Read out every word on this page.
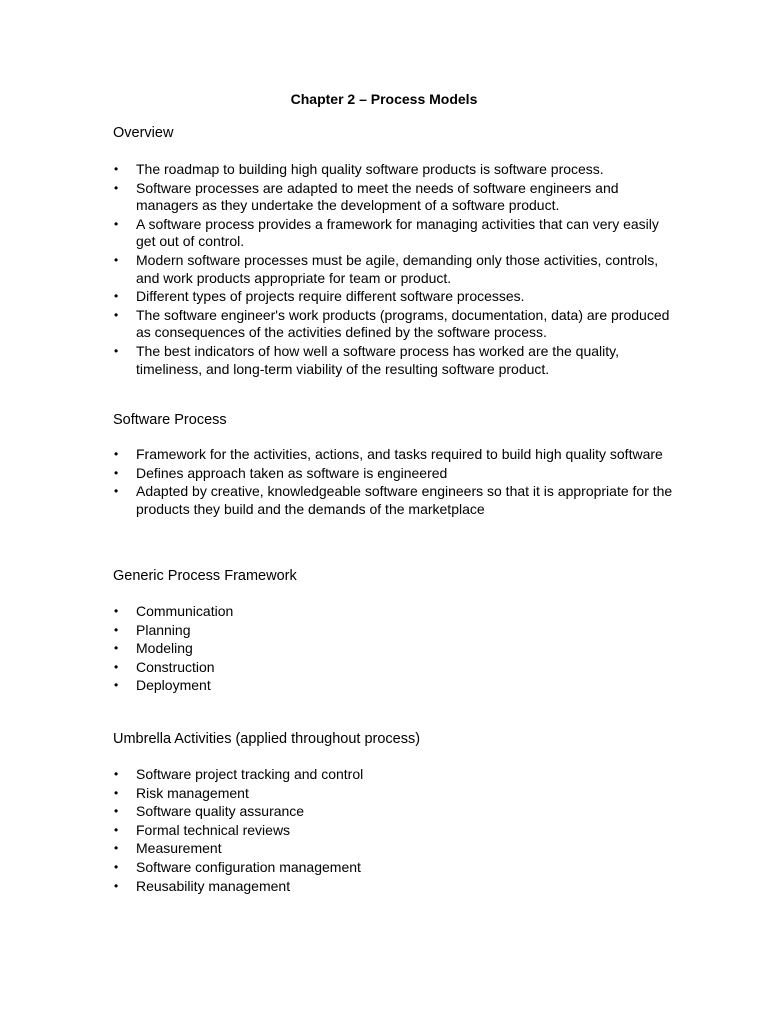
Chapter 2 – Process Models
Overview
• The roadmap to building high quality software products is software process.
• Software processes are adapted to meet the needs of software engineers and managers as they undertake the development of a software product.
• A software process provides a framework for managing activities that can very easily get out of control.
• Modern software processes must be agile, demanding only those activities, controls, and work products appropriate for team or product.
• Different types of projects require different software processes.
• The software engineer's work products (programs, documentation, data) are produced as consequences of the activities defined by the software process.
• The best indicators of how well a software process has worked are the quality, timeliness, and long-term viability of the resulting software product.
Software Process
• Framework for the activities, actions, and tasks required to build high quality software
• Defines approach taken as software is engineered
• Adapted by creative, knowledgeable software engineers so that it is appropriate for the products they build and the demands of the marketplace
Generic Process Framework
• Communication
• Planning
• Modeling
• Construction
• Deployment
Umbrella Activities (applied throughout process)
• Software project tracking and control
• Risk management
• Software quality assurance
• Formal technical reviews
• Measurement
• Software configuration management
• Reusability management
